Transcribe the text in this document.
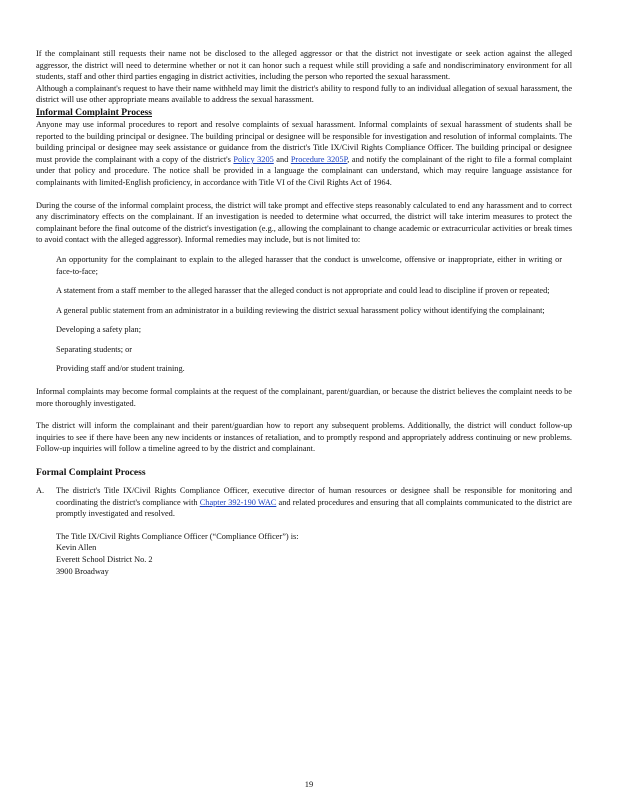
If the complainant still requests their name not be disclosed to the alleged aggressor or that the district not investigate or seek action against the alleged aggressor, the district will need to determine whether or not it can honor such a request while still providing a safe and nondiscriminatory environment for all students, staff and other third parties engaging in district activities, including the person who reported the sexual harassment.

Although a complainant's request to have their name withheld may limit the district's ability to respond fully to an individual allegation of sexual harassment, the district will use other appropriate means available to address the sexual harassment.

Informal Complaint Process

Anyone may use informal procedures to report and resolve complaints of sexual harassment. Informal complaints of sexual harassment of students shall be reported to the building principal or designee. The building principal or designee will be responsible for investigation and resolution of informal complaints. The building principal or designee may seek assistance or guidance from the district's Title IX/Civil Rights Compliance Officer. The building principal or designee must provide the complainant with a copy of the district's Policy 3205 and Procedure 3205P, and notify the complainant of the right to file a formal complaint under that policy and procedure. The notice shall be provided in a language the complainant can understand, which may require language assistance for complainants with limited-English proficiency, in accordance with Title VI of the Civil Rights Act of 1964.

During the course of the informal complaint process, the district will take prompt and effective steps reasonably calculated to end any harassment and to correct any discriminatory effects on the complainant. If an investigation is needed to determine what occurred, the district will take interim measures to protect the complainant before the final outcome of the district's investigation (e.g., allowing the complainant to change academic or extracurricular activities or break times to avoid contact with the alleged aggressor). Informal remedies may include, but is not limited to:

An opportunity for the complainant to explain to the alleged harasser that the conduct is unwelcome, offensive or inappropriate, either in writing or face-to-face;
A statement from a staff member to the alleged harasser that the alleged conduct is not appropriate and could lead to discipline if proven or repeated;
A general public statement from an administrator in a building reviewing the district sexual harassment policy without identifying the complainant;
Developing a safety plan;
Separating students; or
Providing staff and/or student training.

Informal complaints may become formal complaints at the request of the complainant, parent/guardian, or because the district believes the complaint needs to be more thoroughly investigated.

The district will inform the complainant and their parent/guardian how to report any subsequent problems. Additionally, the district will conduct follow-up inquiries to see if there have been any new incidents or instances of retaliation, and to promptly respond and appropriately address continuing or new problems. Follow-up inquiries will follow a timeline agreed to by the district and complainant.

Formal Complaint Process
A.	The district's Title IX/Civil Rights Compliance Officer, executive director of human resources or designee shall be responsible for monitoring and coordinating the district's compliance with Chapter 392-190 WAC and related procedures and ensuring that all complaints communicated to the district are promptly investigated and resolved.

The Title IX/Civil Rights Compliance Officer (“Compliance Officer”) is:
Kevin Allen
Everett School District No. 2
3900 Broadway
19
